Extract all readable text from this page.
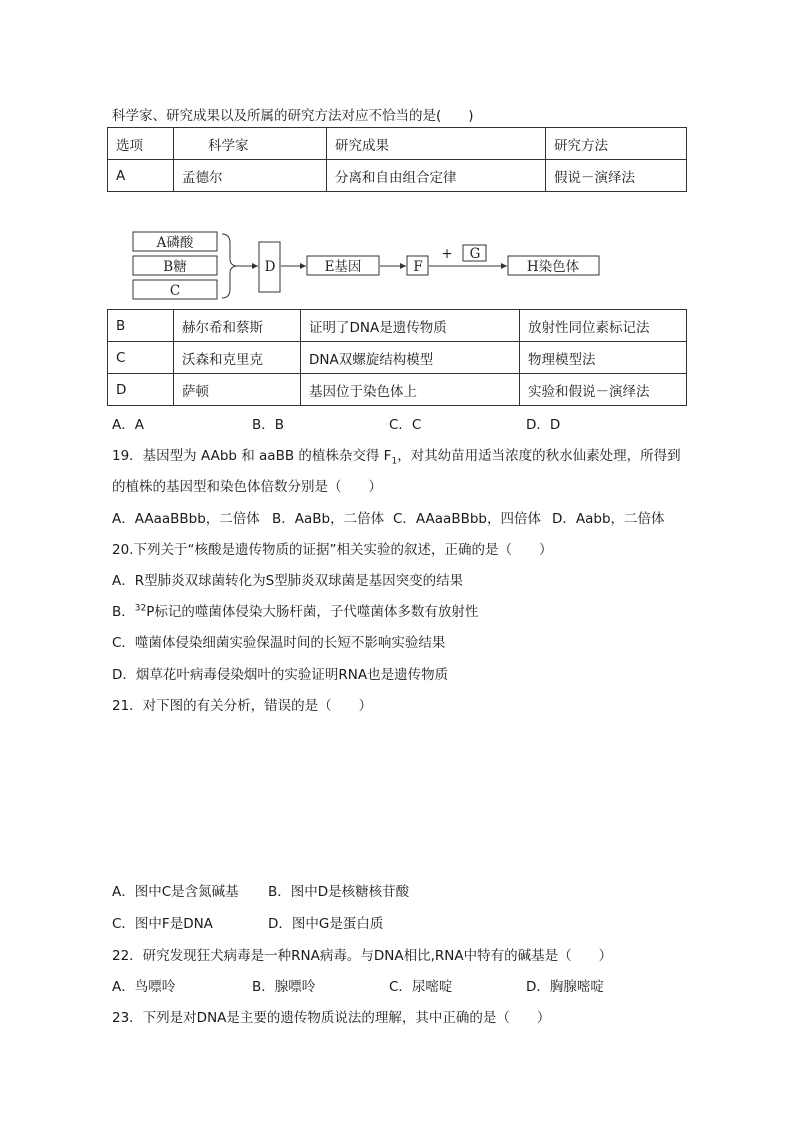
科学家、研究成果以及所属的研究方法对应不恰当的是(　　)
选项	科学家	研究成果	研究方法
A	孟德尔	分离和自由组合定律	假说－演绎法
A磷酸
B糖
C
D	E基因	F
+ G
H染色体
B	赫尔希和蔡斯	证明了DNA是遗传物质	放射性同位素标记法
C	沃森和克里克	DNA双螺旋结构模型	物理模型法
D	萨顿	基因位于染色体上	实验和假说－演绎法
A．A	B．B	C．C	D．D
19．基因型为 AAbb 和 aaBB 的植株杂交得 $F_1$，对其幼苗用适当浓度的秋水仙素处理，所得到
的植株的基因型和染色体倍数分别是（　　）
A．AAaaBBbb，二倍体 B．AaBb，二倍体 C．AAaaBBbb，四倍体 D．Aabb，二倍体
20.下列关于“核酸是遗传物质的证据”相关实验的叙述，正确的是（　　）
A．R型肺炎双球菌转化为S型肺炎双球菌是基因突变的结果
B．$^{32}$P标记的噬菌体侵染大肠杆菌，子代噬菌体多数有放射性
C．噬菌体侵染细菌实验保温时间的长短不影响实验结果
D．烟草花叶病毒侵染烟叶的实验证明RNA也是遗传物质
21．对下图的有关分析，错误的是（　　）
A．图中C是含氮碱基 B．图中D是核糖核苷酸
C．图中F是DNA	D．图中G是蛋白质
22．研究发现狂犬病毒是一种RNA病毒。与DNA相比,RNA中特有的碱基是（　　）
A．鸟嘌呤	B．腺嘌呤	C．尿嘧啶	D．胸腺嘧啶
23．下列是对DNA是主要的遗传物质说法的理解，其中正确的是（　　）
